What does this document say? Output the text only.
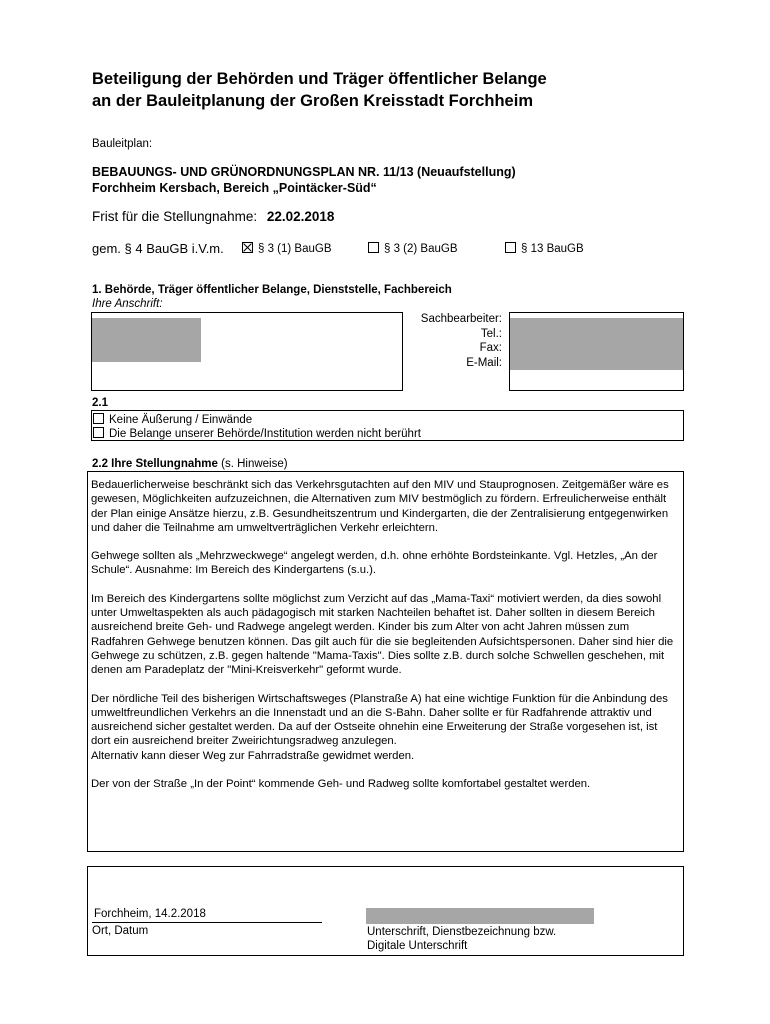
Beteiligung der Behörden und Träger öffentlicher Belange
an der Bauleitplanung der Großen Kreisstadt Forchheim
Bauleitplan:
BEBAUUNGS- UND GRÜNORDNUNGSPLAN NR. 11/13 (Neuaufstellung)
Forchheim Kersbach, Bereich „Pointäcker-Süd“
Frist für die Stellungnahme: 22.02.2018
gem. § 4 BauGB i.V.m.	§ 3 (1) BauGB	§ 3 (2) BauGB	§ 13 BauGB
1. Behörde, Träger öffentlicher Belange, Dienststelle, Fachbereich
Ihre Anschrift:
Sachbearbeiter:
Tel.:
Fax:
E-Mail:
2.1
Keine Äußerung / Einwände
Die Belange unserer Behörde/Institution werden nicht berührt
2.2 Ihre Stellungnahme (s. Hinweise)

Bedauerlicherweise beschränkt sich das Verkehrsgutachten auf den MIV und Stauprognosen. Zeitgemäßer wäre es gewesen, Möglichkeiten aufzuzeichnen, die Alternativen zum MIV bestmöglich zu fördern. Erfreulicherweise enthält der Plan einige Ansätze hierzu, z.B. Gesundheitszentrum und Kindergarten, die der Zentralisierung entgegenwirken und daher die Teilnahme am umweltverträglichen Verkehr erleichtern.

Gehwege sollten als „Mehrzweckwege“ angelegt werden, d.h. ohne erhöhte Bordsteinkante. Vgl. Hetzles, „An der Schule“. Ausnahme: Im Bereich des Kindergartens (s.u.).

Im Bereich des Kindergartens sollte möglichst zum Verzicht auf das „Mama-Taxi“ motiviert werden, da dies sowohl unter Umweltaspekten als auch pädagogisch mit starken Nachteilen behaftet ist. Daher sollten in diesem Bereich ausreichend breite Geh- und Radwege angelegt werden. Kinder bis zum Alter von acht Jahren müssen zum Radfahren Gehwege benutzen können. Das gilt auch für die sie begleitenden Aufsichtspersonen. Daher sind hier die Gehwege zu schützen, z.B. gegen haltende "Mama-Taxis". Dies sollte z.B. durch solche Schwellen geschehen, mit denen am Paradeplatz der "Mini-Kreisverkehr" geformt wurde.

Der nördliche Teil des bisherigen Wirtschaftsweges (Planstraße A) hat eine wichtige Funktion für die Anbindung des umweltfreundlichen Verkehrs an die Innenstadt und an die S-Bahn. Daher sollte er für Radfahrende attraktiv und ausreichend sicher gestaltet werden. Da auf der Ostseite ohnehin eine Erweiterung der Straße vorgesehen ist, ist dort ein ausreichend breiter Zweirichtungsradweg anzulegen.
Alternativ kann dieser Weg zur Fahrradstraße gewidmet werden.

Der von der Straße „In der Point“ kommende Geh- und Radweg sollte komfortabel gestaltet werden.

Forchheim, 14.2.2018
Ort, Datum	Unterschrift, Dienstbezeichnung bzw.
Digitale Unterschrift
